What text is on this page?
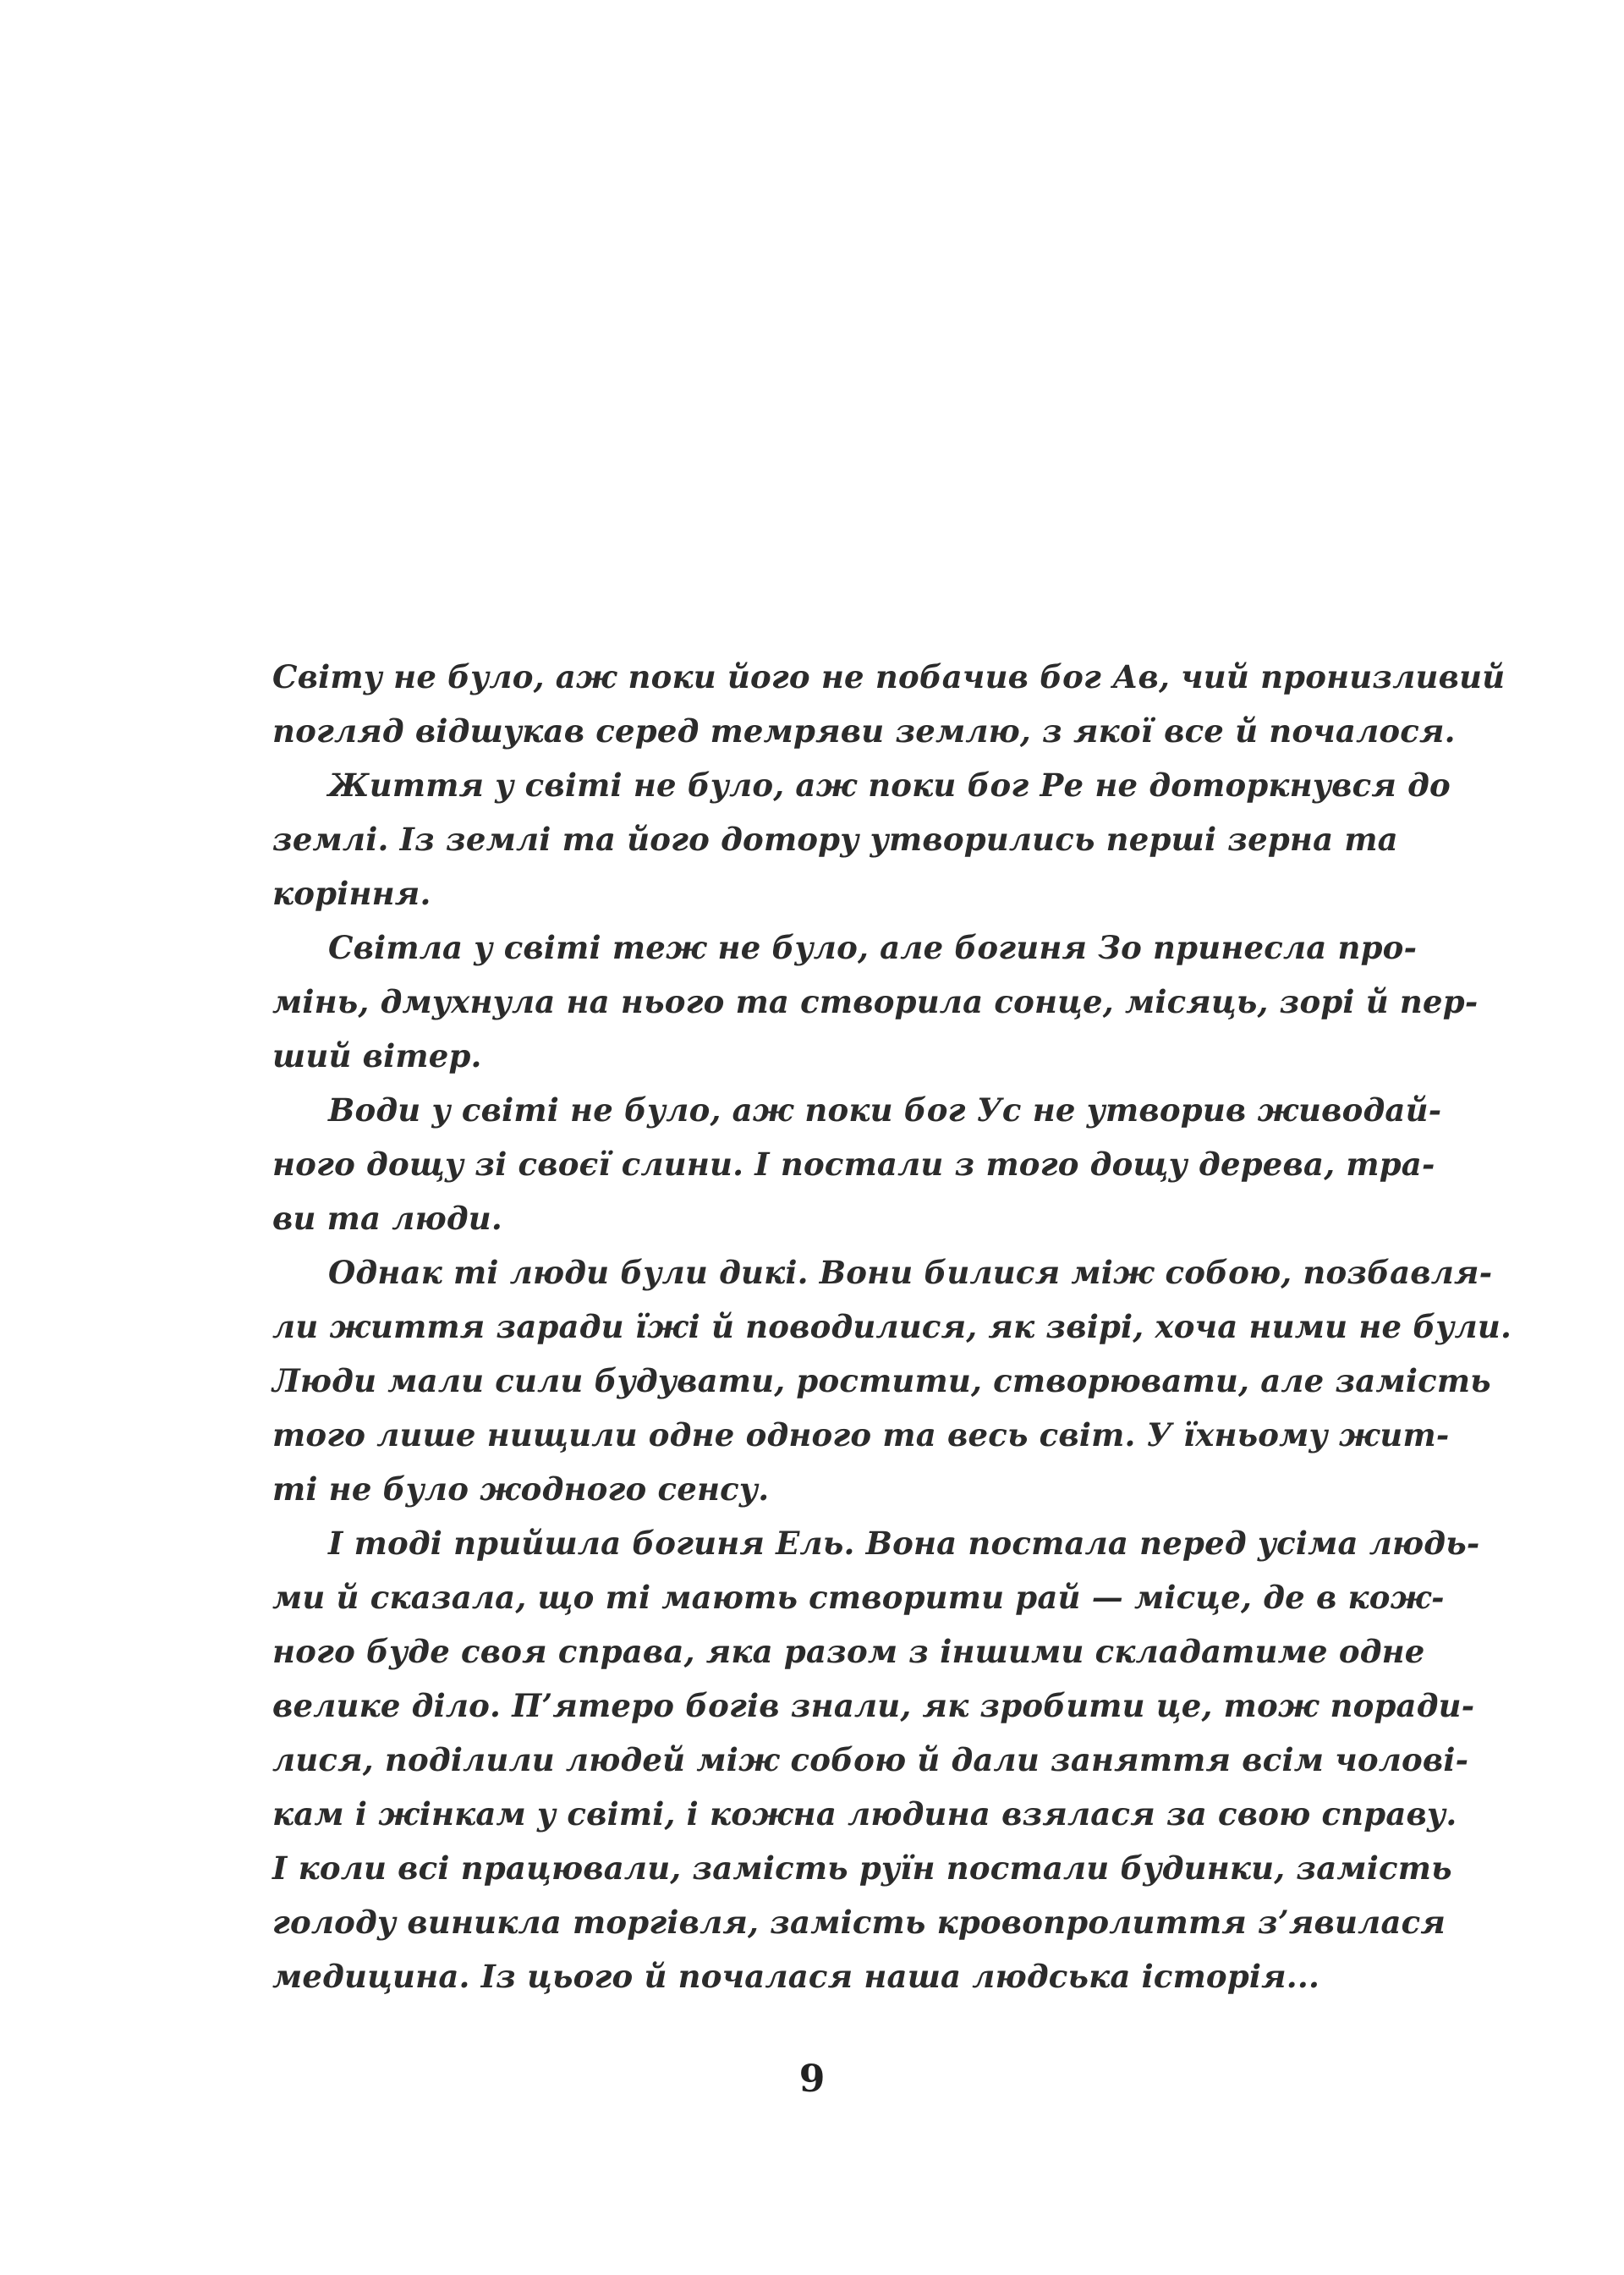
Світу не було, аж поки його не побачив бог Ав, чий пронизливий
погляд відшукав серед темряви землю, з якої все й почалося.
Життя у світі не було, аж поки бог Ре не доторкнувся до
землі. Із землі та його дотору утворились перші зерна та
коріння.
Світла у світі теж не було, але богиня Зо принесла про-
мінь, дмухнула на нього та створила сонце, місяць, зорі й пер-
ший вітер.
Води у світі не було, аж поки бог Ус не утворив живодай-
ного дощу зі своєї слини. І постали з того дощу дерева, тра-
ви та люди.
Однак ті люди були дикі. Вони билися між собою, позбавля-
ли життя заради їжі й поводилися, як звірі, хоча ними не були.
Люди мали сили будувати, ростити, створювати, але замість
того лише нищили одне одного та весь світ. У їхньому жит-
ті не було жодного сенсу.
І тоді прийшла богиня Ель. Вона постала перед усіма людь-
ми й сказала, що ті мають створити рай — місце, де в кож-
ного буде своя справа, яка разом з іншими складатиме одне
велике діло. П’ятеро богів знали, як зробити це, тож поради-
лися, поділили людей між собою й дали заняття всім чолові-
кам і жінкам у світі, і кожна людина взялася за свою справу.
І коли всі працювали, замість руїн постали будинки, замість
голоду виникла торгівля, замість кровопролиття з’явилася
медицина. Із цього й почалася наша людська історія...
9
